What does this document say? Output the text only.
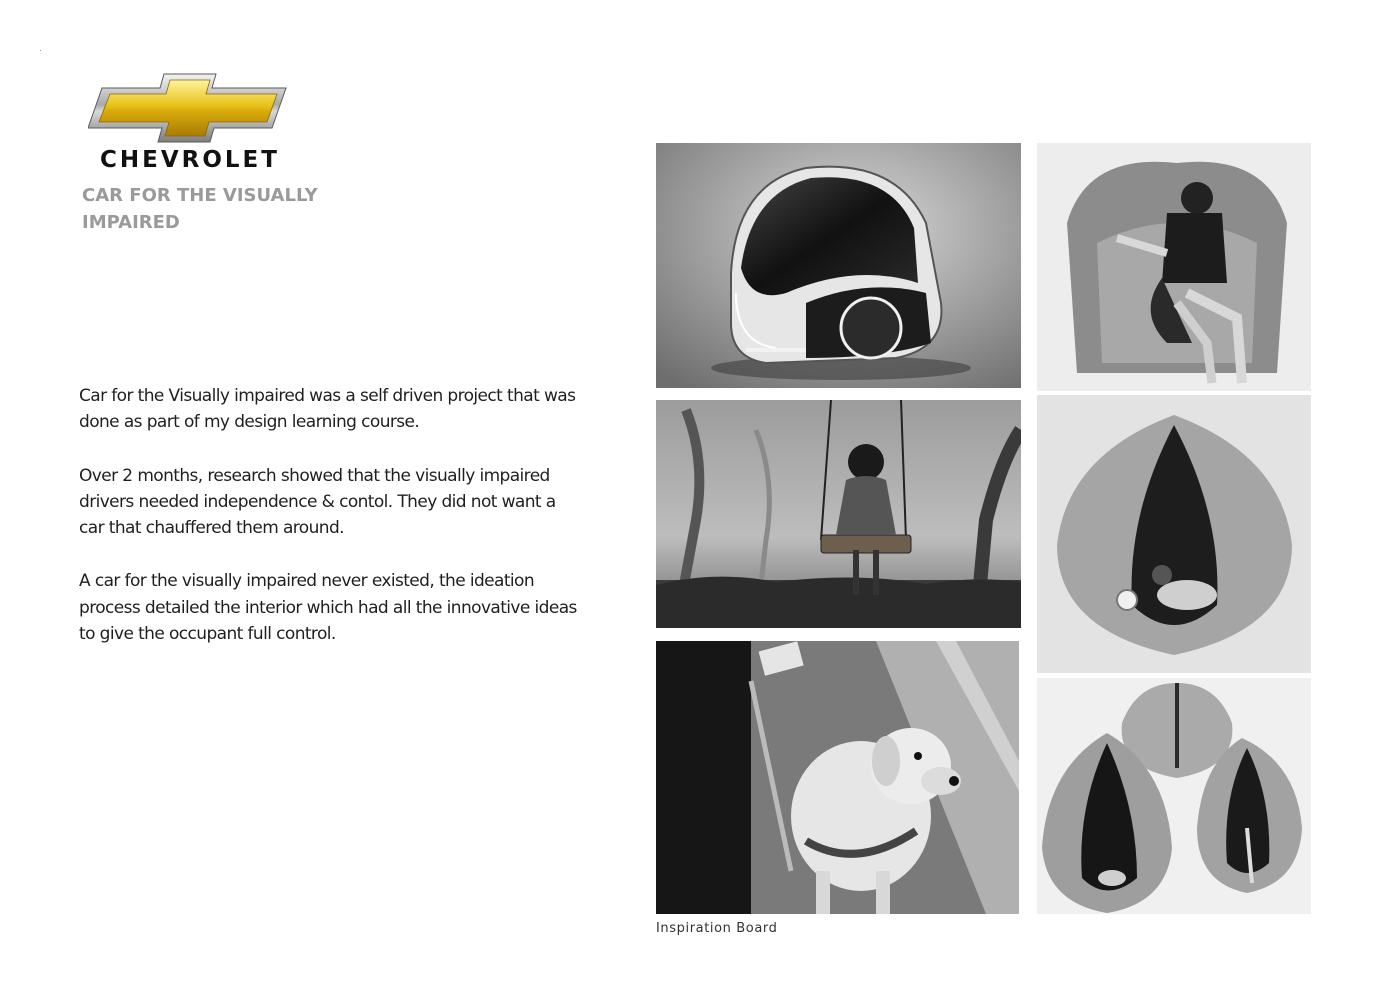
CHEVROLET
CAR FOR THE VISUALLY IMPAIRED

Car for the Visually impaired was a self driven project that was done as part of my design learning course.

Over 2 months, research showed that the visually impaired drivers needed independence & contol. They did not want a car that chauffered them around.

A car for the visually impaired never existed, the ideation process detailed the interior which had all the innovative ideas to give the occupant full control.

Inspiration Board
